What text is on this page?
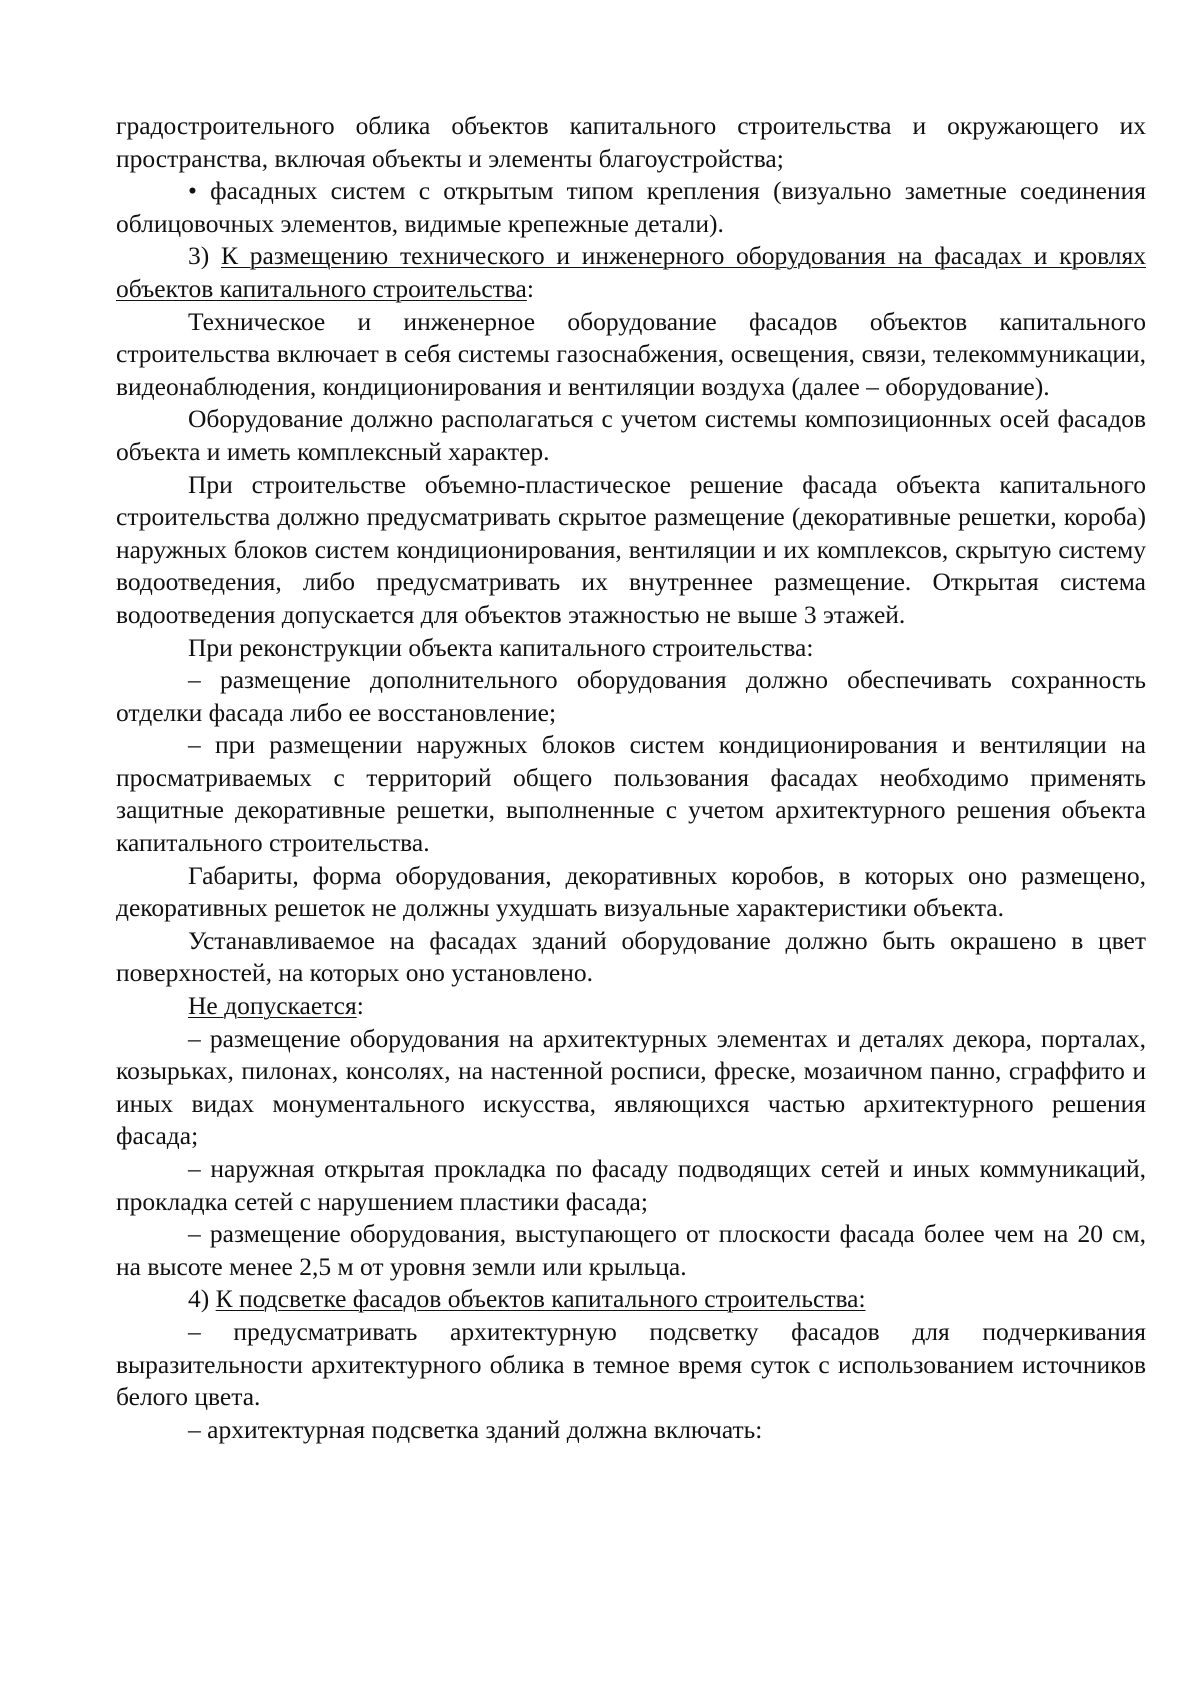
градостроительного облика объектов капитального строительства и окружающего их пространства, включая объекты и элементы благоустройства;

• фасадных систем с открытым типом крепления (визуально заметные соединения облицовочных элементов, видимые крепежные детали).

3) К размещению технического и инженерного оборудования на фасадах и кровлях объектов капитального строительства:

Техническое и инженерное оборудование фасадов объектов капитального строительства включает в себя системы газоснабжения, освещения, связи, телекоммуникации, видеонаблюдения, кондиционирования и вентиляции воздуха (далее – оборудование).

Оборудование должно располагаться с учетом системы композиционных осей фасадов объекта и иметь комплексный характер.

При строительстве объемно-пластическое решение фасада объекта капитального строительства должно предусматривать скрытое размещение (декоративные решетки, короба) наружных блоков систем кондиционирования, вентиляции и их комплексов, скрытую систему водоотведения, либо предусматривать их внутреннее размещение. Открытая система водоотведения допускается для объектов этажностью не выше 3 этажей.

При реконструкции объекта капитального строительства:

– размещение дополнительного оборудования должно обеспечивать сохранность отделки фасада либо ее восстановление;

– при размещении наружных блоков систем кондиционирования и вентиляции на просматриваемых с территорий общего пользования фасадах необходимо применять защитные декоративные решетки, выполненные с учетом архитектурного решения объекта капитального строительства.

Габариты, форма оборудования, декоративных коробов, в которых оно размещено, декоративных решеток не должны ухудшать визуальные характеристики объекта.

Устанавливаемое на фасадах зданий оборудование должно быть окрашено в цвет поверхностей, на которых оно установлено.

Не допускается:

– размещение оборудования на архитектурных элементах и деталях декора, порталах, козырьках, пилонах, консолях, на настенной росписи, фреске, мозаичном панно, сграффито и иных видах монументального искусства, являющихся частью архитектурного решения фасада;

– наружная открытая прокладка по фасаду подводящих сетей и иных коммуникаций, прокладка сетей с нарушением пластики фасада;

– размещение оборудования, выступающего от плоскости фасада более чем на 20 см, на высоте менее 2,5 м от уровня земли или крыльца.

4) К подсветке фасадов объектов капитального строительства:

– предусматривать архитектурную подсветку фасадов для подчеркивания выразительности архитектурного облика в темное время суток с использованием источников белого цвета.

– архитектурная подсветка зданий должна включать:
